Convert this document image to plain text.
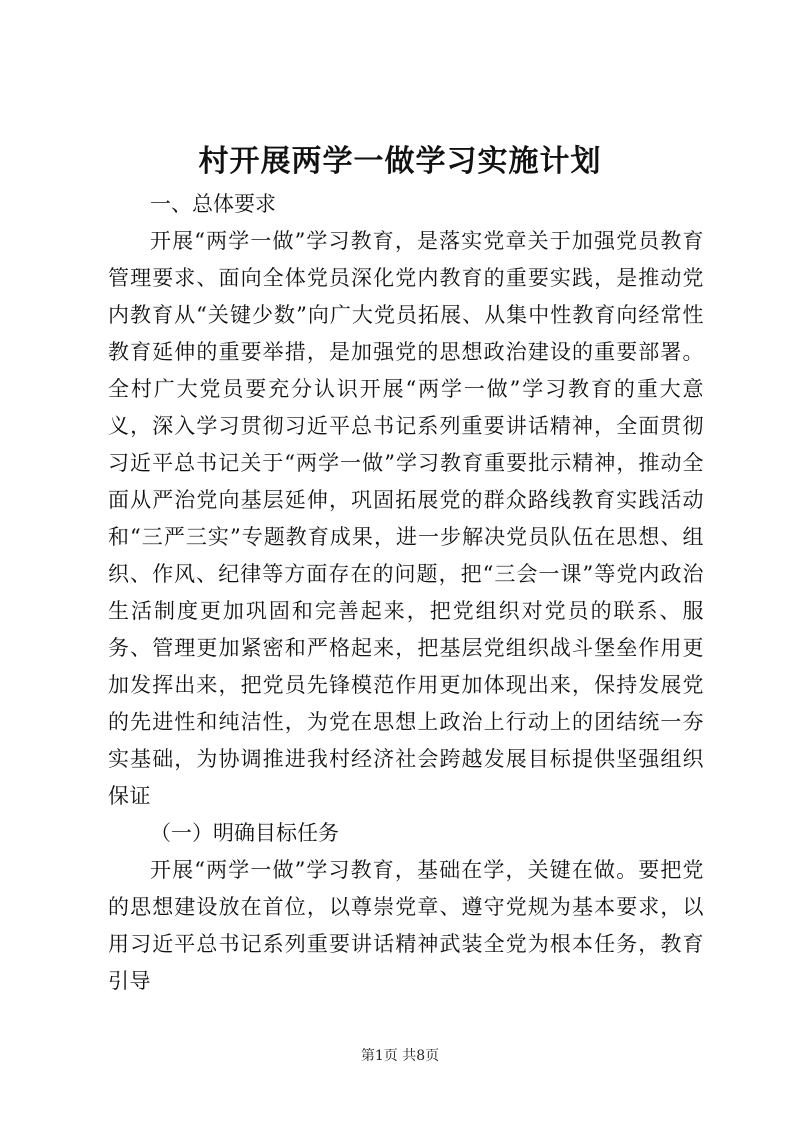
村开展两学一做学习实施计划

一、总体要求

开展“两学一做”学习教育，是落实党章关于加强党员教育管理要求、面向全体党员深化党内教育的重要实践，是推动党内教育从“关键少数”向广大党员拓展、从集中性教育向经常性教育延伸的重要举措，是加强党的思想政治建设的重要部署。全村广大党员要充分认识开展“两学一做”学习教育的重大意义，深入学习贯彻习近平总书记系列重要讲话精神，全面贯彻习近平总书记关于“两学一做”学习教育重要批示精神，推动全面从严治党向基层延伸，巩固拓展党的群众路线教育实践活动和“三严三实”专题教育成果，进一步解决党员队伍在思想、组织、作风、纪律等方面存在的问题，把“三会一课”等党内政治生活制度更加巩固和完善起来，把党组织对党员的联系、服务、管理更加紧密和严格起来，把基层党组织战斗堡垒作用更加发挥出来，把党员先锋模范作用更加体现出来，保持发展党的先进性和纯洁性，为党在思想上政治上行动上的团结统一夯实基础，为协调推进我村经济社会跨越发展目标提供坚强组织保证

（一）明确目标任务

开展“两学一做”学习教育，基础在学，关键在做。要把党的思想建设放在首位，以尊崇党章、遵守党规为基本要求，以用习近平总书记系列重要讲话精神武装全党为根本任务，教育引导

第1页 共8页
